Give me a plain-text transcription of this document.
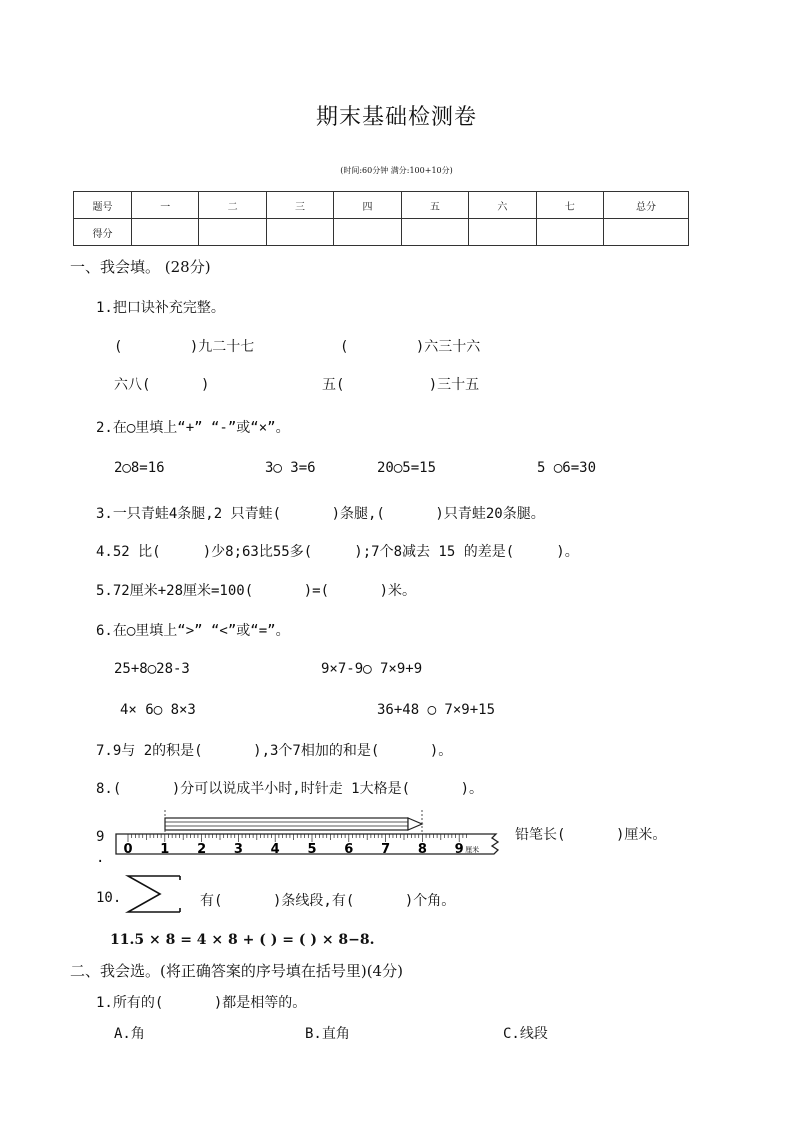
期末基础检测卷
(时间:60分钟 满分:100+10分)
题号	一	二	三	四	五	六	七	总分
得分								
一、我会填。 (28分)
1.把口诀补充完整。
(        )九二十七	(        )六三十六
六八(      )	五(          )三十五
2.在◯里填上“+” “-”或“×”。
2◯8=16	3◯ 3=6	20◯5=15	5 ◯6=30
3.一只青蛙4条腿,2 只青蛙(      )条腿,(      )只青蛙20条腿。
4.52 比(     )少8;63比55多(     );7个8减去 15 的差是(     )。
5.72厘米+28厘米=100(      )=(      )米。
6.在◯里填上“>” “<”或“=”。
25+8◯28-3	9×7-9◯ 7×9+9
4× 6◯ 8×3	36+48 ◯ 7×9+15
7.9与 2的积是(      ),3个7相加的和是(      )。
8.(      )分可以说成半小时,时针走 1大格是(      )。
9
.
0 1 2 3 4 5 6 7 8 9 厘米
铅笔长(      )厘米。
10.	有(      )条线段,有(      )个角。
11.5 × 8 = 4 × 8 + ( ) = ( ) × 8−8.
二、我会选。(将正确答案的序号填在括号里)(4分)
1.所有的(      )都是相等的。
A.角	B.直角	C.线段
